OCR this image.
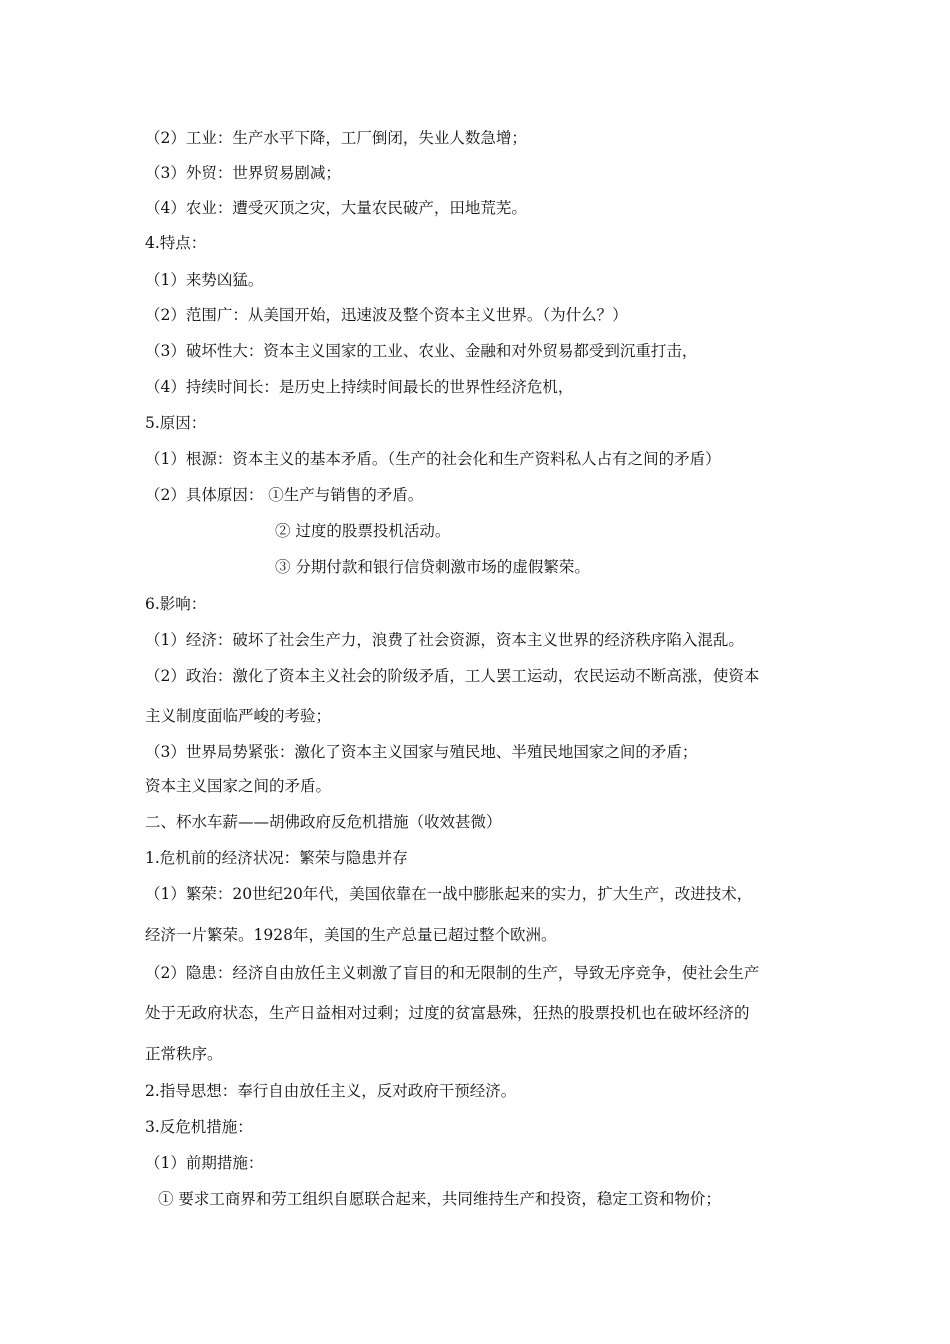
（2）工业：生产水平下降，工厂倒闭，失业人数急增；
（3）外贸：世界贸易剧减；
（4）农业：遭受灭顶之灾，大量农民破产，田地荒芜。
4.特点：
（1）来势凶猛。
（2）范围广：从美国开始，迅速波及整个资本主义世界。（为什么？）
（3）破坏性大：资本主义国家的工业、农业、金融和对外贸易都受到沉重打击，
（4）持续时间长：是历史上持续时间最长的世界性经济危机，
5.原因：
（1）根源：资本主义的基本矛盾。（生产的社会化和生产资料私人占有之间的矛盾）
（2）具体原因： ①生产与销售的矛盾。
② 过度的股票投机活动。
③ 分期付款和银行信贷刺激市场的虚假繁荣。
6.影响：
（1）经济：破坏了社会生产力，浪费了社会资源，资本主义世界的经济秩序陷入混乱。
（2）政治：激化了资本主义社会的阶级矛盾，工人罢工运动，农民运动不断高涨，使资本
主义制度面临严峻的考验；
（3）世界局势紧张：激化了资本主义国家与殖民地、半殖民地国家之间的矛盾；
资本主义国家之间的矛盾。
二、杯水车薪——胡佛政府反危机措施（收效甚微）
1.危机前的经济状况：繁荣与隐患并存
（1）繁荣：20世纪20年代，美国依靠在一战中膨胀起来的实力，扩大生产，改进技术，
经济一片繁荣。1928年，美国的生产总量已超过整个欧洲。
（2）隐患：经济自由放任主义刺激了盲目的和无限制的生产，导致无序竞争，使社会生产
处于无政府状态，生产日益相对过剩；过度的贫富悬殊，狂热的股票投机也在破坏经济的
正常秩序。
2.指导思想：奉行自由放任主义，反对政府干预经济。
3.反危机措施：
（1）前期措施：
① 要求工商界和劳工组织自愿联合起来，共同维持生产和投资，稳定工资和物价；
